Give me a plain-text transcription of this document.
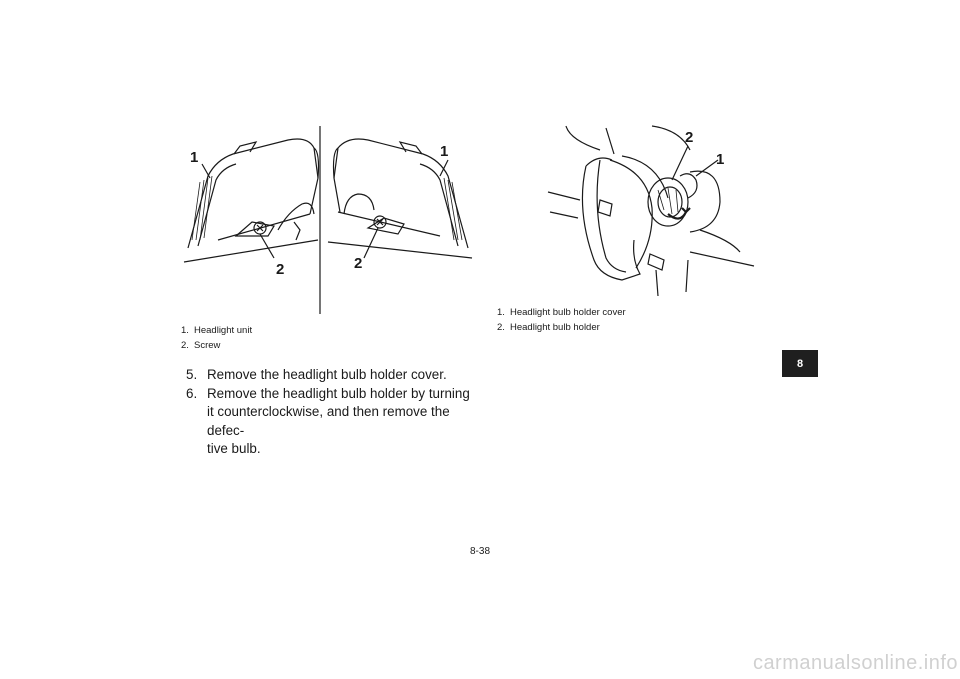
1	1
2	2
1. Headlight unit
2. Screw
2
1
1. Headlight bulb holder cover
2. Headlight bulb holder
5. Remove the headlight bulb holder cover.
6. Remove the headlight bulb holder by turning it counterclockwise, and then remove the defec-
tive bulb.
8
8-38
carmanualsonline.info
